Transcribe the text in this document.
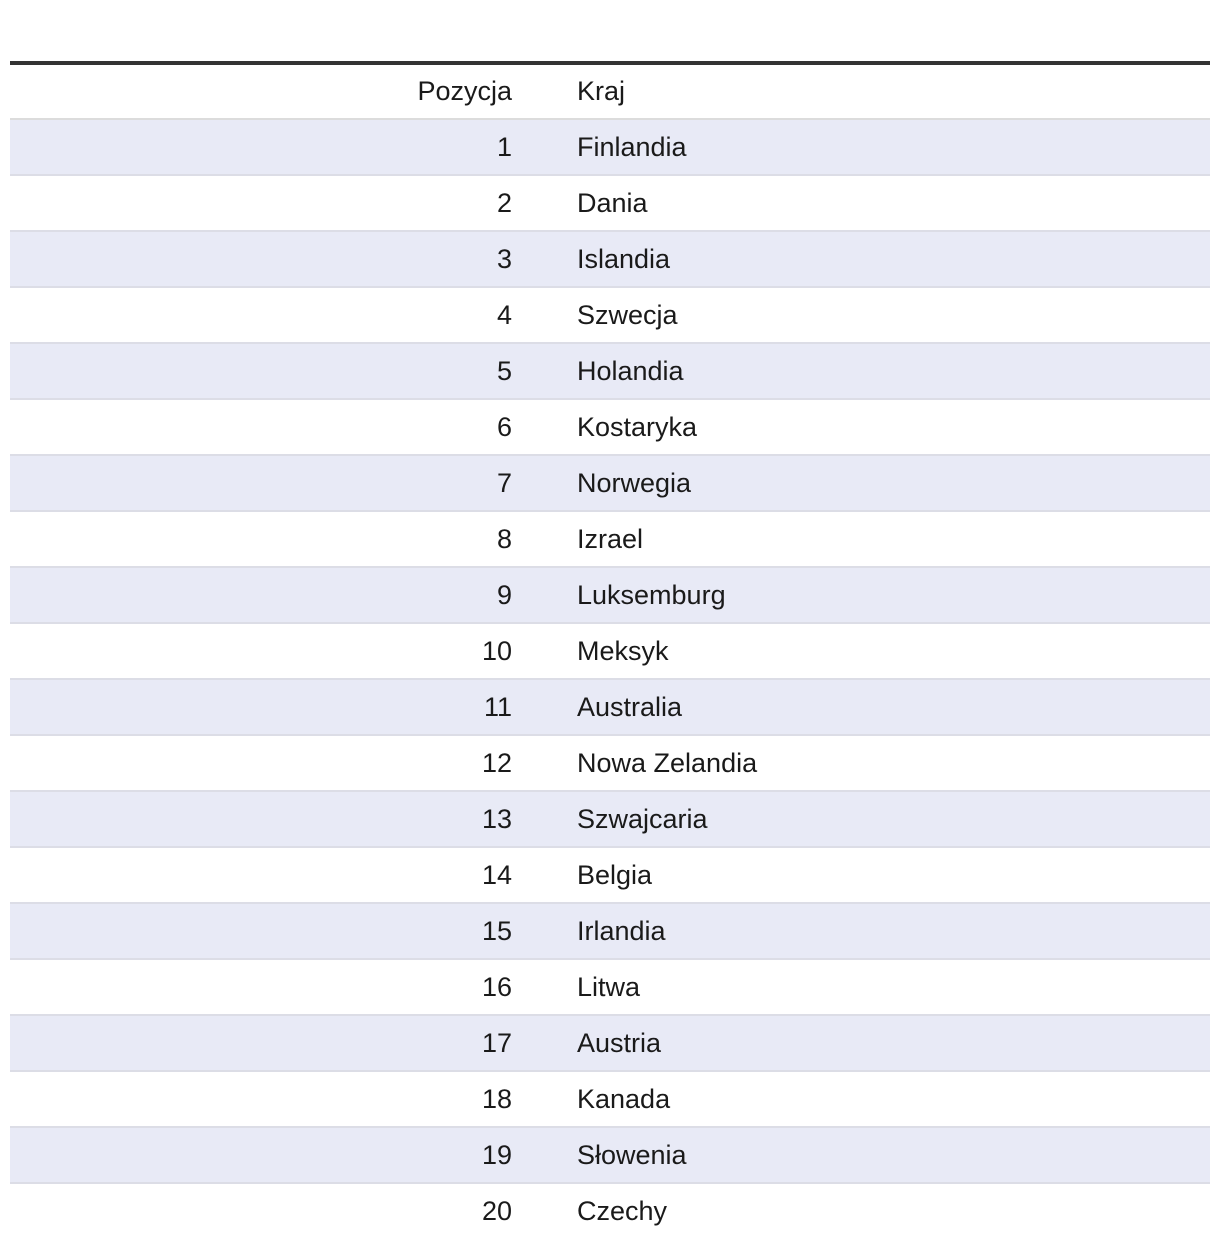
Pozycja	Kraj
1	Finlandia
2	Dania
3	Islandia
4	Szwecja
5	Holandia
6	Kostaryka
7	Norwegia
8	Izrael
9	Luksemburg
10	Meksyk
11	Australia
12	Nowa Zelandia
13	Szwajcaria
14	Belgia
15	Irlandia
16	Litwa
17	Austria
18	Kanada
19	Słowenia
20	Czechy
